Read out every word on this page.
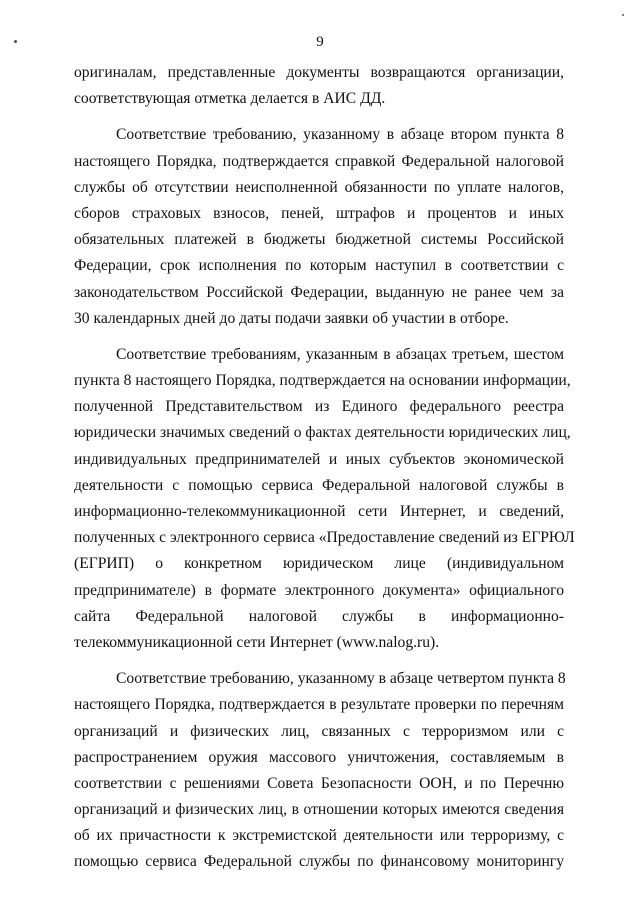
9
оригиналам, представленные документы возвращаются организации,
соответствующая отметка делается в АИС ДД.
Соответствие требованию, указанному в абзаце втором пункта 8
настоящего Порядка, подтверждается справкой Федеральной налоговой
службы об отсутствии неисполненной обязанности по уплате налогов,
сборов страховых взносов, пеней, штрафов и процентов и иных
обязательных платежей в бюджеты бюджетной системы Российской
Федерации, срок исполнения по которым наступил в соответствии с
законодательством Российской Федерации, выданную не ранее чем за
30 календарных дней до даты подачи заявки об участии в отборе.
Соответствие требованиям, указанным в абзацах третьем, шестом
пункта 8 настоящего Порядка, подтверждается на основании информации,
полученной Представительством из Единого федерального реестра
юридически значимых сведений о фактах деятельности юридических лиц,
индивидуальных предпринимателей и иных субъектов экономической
деятельности с помощью сервиса Федеральной налоговой службы в
информационно-телекоммуникационной сети Интернет, и сведений,
полученных с электронного сервиса «Предоставление сведений из ЕГРЮЛ
(ЕГРИП) о конкретном юридическом лице (индивидуальном
предпринимателе) в формате электронного документа» официального
сайта Федеральной налоговой службы в информационно-
телекоммуникационной сети Интернет (www.nalog.ru).
Соответствие требованию, указанному в абзаце четвертом пункта 8
настоящего Порядка, подтверждается в результате проверки по перечням
организаций и физических лиц, связанных с терроризмом или с
распространением оружия массового уничтожения, составляемым в
соответствии с решениями Совета Безопасности ООН, и по Перечню
организаций и физических лиц, в отношении которых имеются сведения
об их причастности к экстремистской деятельности или терроризму, с
помощью сервиса Федеральной службы по финансовому мониторингу
